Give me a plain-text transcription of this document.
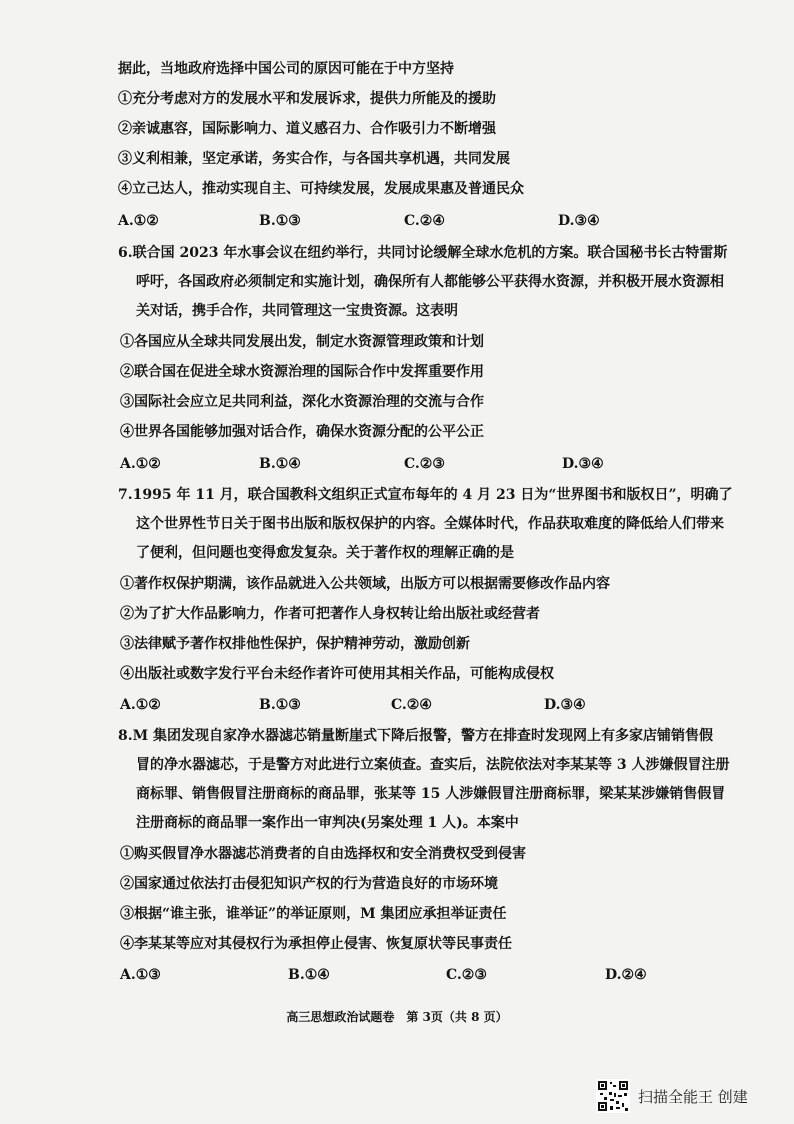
据此，当地政府选择中国公司的原因可能在于中方坚持
①充分考虑对方的发展水平和发展诉求，提供力所能及的援助
②亲诚惠容，国际影响力、道义感召力、合作吸引力不断增强
③义利相兼，坚定承诺，务实合作，与各国共享机遇，共同发展
④立己达人，推动实现自主、可持续发展，发展成果惠及普通民众
A.①②	B.①③	C.②④	D.③④
6.联合国 2023 年水事会议在纽约举行，共同讨论缓解全球水危机的方案。联合国秘书长古特雷斯
呼吁，各国政府必须制定和实施计划，确保所有人都能够公平获得水资源，并积极开展水资源相
关对话，携手合作，共同管理这一宝贵资源。这表明
①各国应从全球共同发展出发，制定水资源管理政策和计划
②联合国在促进全球水资源治理的国际合作中发挥重要作用
③国际社会应立足共同利益，深化水资源治理的交流与合作
④世界各国能够加强对话合作，确保水资源分配的公平公正
A.①②	B.①④	C.②③	D.③④
7.1995 年 11 月，联合国教科文组织正式宣布每年的 4 月 23 日为“世界图书和版权日”，明确了
这个世界性节日关于图书出版和版权保护的内容。全媒体时代，作品获取难度的降低给人们带来
了便利，但问题也变得愈发复杂。关于著作权的理解正确的是
①著作权保护期满，该作品就进入公共领域，出版方可以根据需要修改作品内容
②为了扩大作品影响力，作者可把著作人身权转让给出版社或经营者
③法律赋予著作权排他性保护，保护精神劳动，激励创新
④出版社或数字发行平台未经作者许可使用其相关作品，可能构成侵权
A.①②	B.①③	C.②④	D.③④
8.M 集团发现自家净水器滤芯销量断崖式下降后报警，警方在排查时发现网上有多家店铺销售假
冒的净水器滤芯，于是警方对此进行立案侦查。查实后，法院依法对李某某等 3 人涉嫌假冒注册
商标罪、销售假冒注册商标的商品罪，张某等 15 人涉嫌假冒注册商标罪，梁某某涉嫌销售假冒
注册商标的商品罪一案作出一审判决(另案处理 1 人)。本案中
①购买假冒净水器滤芯消费者的自由选择权和安全消费权受到侵害
②国家通过依法打击侵犯知识产权的行为营造良好的市场环境
③根据“谁主张，谁举证”的举证原则，M 集团应承担举证责任
④李某某等应对其侵权行为承担停止侵害、恢复原状等民事责任
A.①③	B.①④	C.②③	D.②④
高三思想政治试题卷　第 3页（共 8 页）
扫描全能王 创建
